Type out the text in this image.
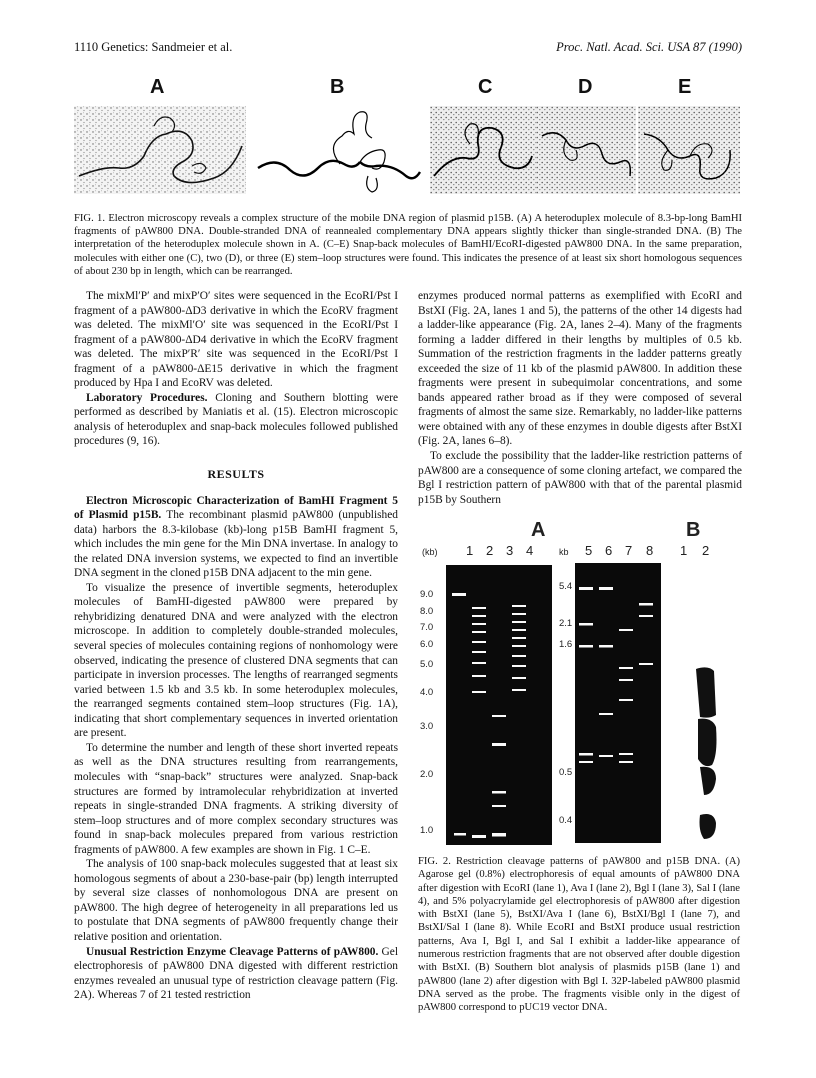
1110 Genetics: Sandmeier et al.	Proc. Natl. Acad. Sci. USA 87 (1990)
A	B	C	D	E
FIG. 1. Electron microscopy reveals a complex structure of the mobile DNA region of plasmid p15B. (A) A heteroduplex molecule of 8.3-bp-long BamHI fragments of pAW800 DNA. Double-stranded DNA of reannealed complementary DNA appears slightly thicker than single-stranded DNA. (B) The interpretation of the heteroduplex molecule shown in A. (C–E) Snap-back molecules of BamHI/EcoRI-digested pAW800 DNA. In the same preparation, molecules with either one (C), two (D), or three (E) stem–loop structures were found. This indicates the presence of at least six short homologous sequences of about 230 bp in length, which can be rearranged.

The mixMl′P′ and mixP′O′ sites were sequenced in the EcoRI/Pst I fragment of a pAW800-ΔD3 derivative in which the EcoRV fragment was deleted. The mixMl′O′ site was sequenced in the EcoRI/Pst I fragment of a pAW800-ΔD4 derivative in which the EcoRV fragment was deleted. The mixP′R′ site was sequenced in the EcoRI/Pst I fragment of a pAW800-ΔE15 derivative in which the fragment produced by Hpa I and EcoRV was deleted.

Laboratory Procedures. Cloning and Southern blotting were performed as described by Maniatis et al. (15). Electron microscopic analysis of heteroduplex and snap-back molecules followed published procedures (9, 16).

RESULTS

Electron Microscopic Characterization of BamHI Fragment 5 of Plasmid p15B. The recombinant plasmid pAW800 (unpublished data) harbors the 8.3-kilobase (kb)-long p15B BamHI fragment 5, which includes the min gene for the Min DNA invertase. In analogy to the related DNA inversion systems, we expected to find an invertible DNA segment in the cloned p15B DNA adjacent to the min gene.

To visualize the presence of invertible segments, heteroduplex molecules of BamHI-digested pAW800 were prepared by rehybridizing denatured DNA and were analyzed with the electron microscope. In addition to completely double-stranded molecules, several species of molecules containing regions of nonhomology were observed, indicating the presence of clustered DNA segments that can participate in inversion processes. The lengths of rearranged segments varied between 1.5 kb and 3.5 kb. In some heteroduplex molecules, the rearranged segments contained stem–loop structures (Fig. 1A), indicating that short complementary sequences in inverted orientation are present.

To determine the number and length of these short inverted repeats as well as the DNA structures resulting from rearrangements, molecules with “snap-back” structures were analyzed. Snap-back structures are formed by intramolecular rehybridization at inverted repeats in single-stranded DNA fragments. A striking diversity of stem–loop structures and of more complex secondary structures was found in snap-back molecules prepared from various restriction fragments of pAW800. A few examples are shown in Fig. 1 C–E.

The analysis of 100 snap-back molecules suggested that at least six homologous segments of about a 230-base-pair (bp) length interrupted by several size classes of nonhomologous DNA are present on pAW800. The high degree of heterogeneity in all preparations led us to postulate that DNA segments of pAW800 frequently change their relative position and orientation.

Unusual Restriction Enzyme Cleavage Patterns of pAW800. Gel electrophoresis of pAW800 DNA digested with different restriction enzymes revealed an unusual type of restriction cleavage pattern (Fig. 2A). Whereas 7 of 21 tested restriction

enzymes produced normal patterns as exemplified with EcoRI and BstXI (Fig. 2A, lanes 1 and 5), the patterns of the other 14 digests had a ladder-like appearance (Fig. 2A, lanes 2–4). Many of the fragments forming a ladder differed in their lengths by multiples of 0.5 kb. Summation of the restriction fragments in the ladder patterns greatly exceeded the size of 11 kb of the plasmid pAW800. In addition these fragments were present in subequimolar concentrations, and some bands appeared rather broad as if they were composed of several fragments of almost the same size. Remarkably, no ladder-like patterns were obtained with any of these enzymes in double digests after BstXI (Fig. 2A, lanes 6–8).

To exclude the possibility that the ladder-like restriction patterns of pAW800 are a consequence of some cloning artefact, we compared the Bgl I restriction pattern of pAW800 with that of the parental plasmid p15B by Southern

A	B
(kb)	kb
1 2 3 4	5 6 7 8 1 2
9.0
8.0
7.0
6.0
5.0
4.0
3.0
2.0
1.0
5.4
2.1
1.6
0.5
0.4
FIG. 2. Restriction cleavage patterns of pAW800 and p15B DNA. (A) Agarose gel (0.8%) electrophoresis of equal amounts of pAW800 DNA after digestion with EcoRI (lane 1), Ava I (lane 2), Bgl I (lane 3), Sal I (lane 4), and 5% polyacrylamide gel electrophoresis of pAW800 after digestion with BstXI (lane 5), BstXI/Ava I (lane 6), BstXI/Bgl I (lane 7), and BstXI/Sal I (lane 8). While EcoRI and BstXI produce usual restriction patterns, Ava I, Bgl I, and Sal I exhibit a ladder-like appearance of numerous restriction fragments that are not observed after double digestion with BstXI. (B) Southern blot analysis of plasmids p15B (lane 1) and pAW800 (lane 2) after digestion with Bgl I. 32P-labeled pAW800 plasmid DNA served as the probe. The fragments visible only in the digest of pAW800 correspond to pUC19 vector DNA.
